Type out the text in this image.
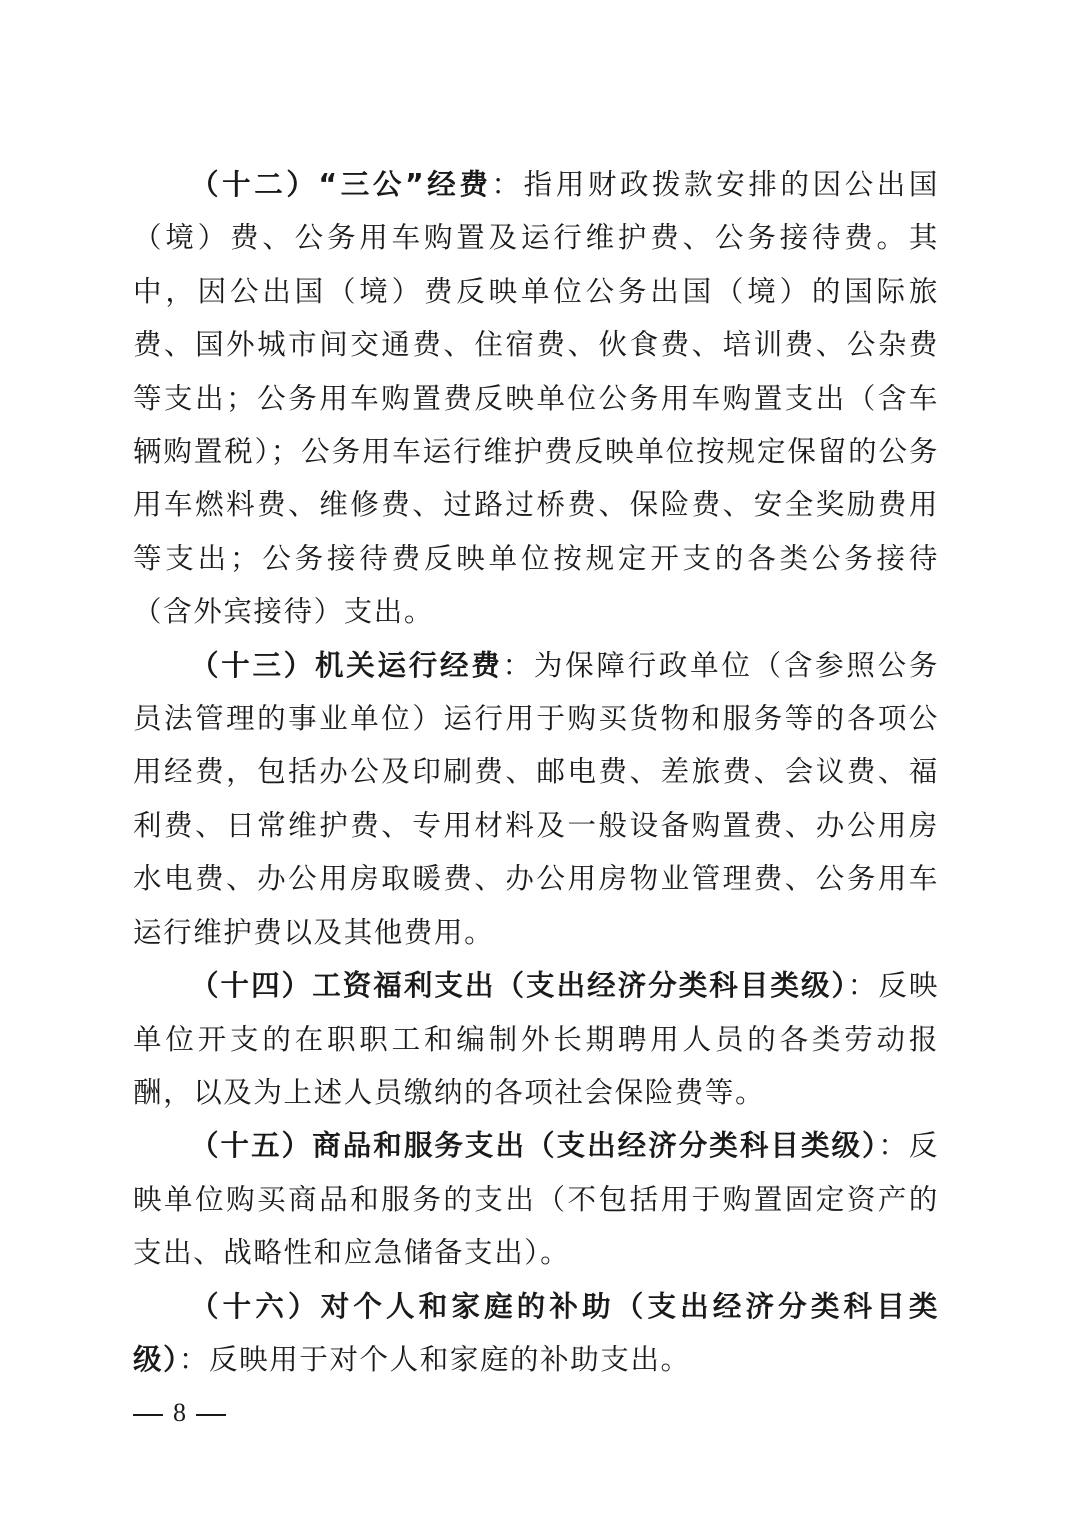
（十二）“三公”经费：指用财政拨款安排的因公出国（境）费、公务用车购置及运行维护费、公务接待费。其中，因公出国（境）费反映单位公务出国（境）的国际旅费、国外城市间交通费、住宿费、伙食费、培训费、公杂费等支出；公务用车购置费反映单位公务用车购置支出（含车辆购置税）；公务用车运行维护费反映单位按规定保留的公务用车燃料费、维修费、过路过桥费、保险费、安全奖励费用等支出；公务接待费反映单位按规定开支的各类公务接待（含外宾接待）支出。

（十三）机关运行经费：为保障行政单位（含参照公务员法管理的事业单位）运行用于购买货物和服务等的各项公用经费，包括办公及印刷费、邮电费、差旅费、会议费、福利费、日常维护费、专用材料及一般设备购置费、办公用房水电费、办公用房取暖费、办公用房物业管理费、公务用车运行维护费以及其他费用。

（十四）工资福利支出（支出经济分类科目类级）：反映单位开支的在职职工和编制外长期聘用人员的各类劳动报酬，以及为上述人员缴纳的各项社会保险费等。

（十五）商品和服务支出（支出经济分类科目类级）：反映单位购买商品和服务的支出（不包括用于购置固定资产的支出、战略性和应急储备支出）。

（十六）对个人和家庭的补助（支出经济分类科目类级）：反映用于对个人和家庭的补助支出。

8
